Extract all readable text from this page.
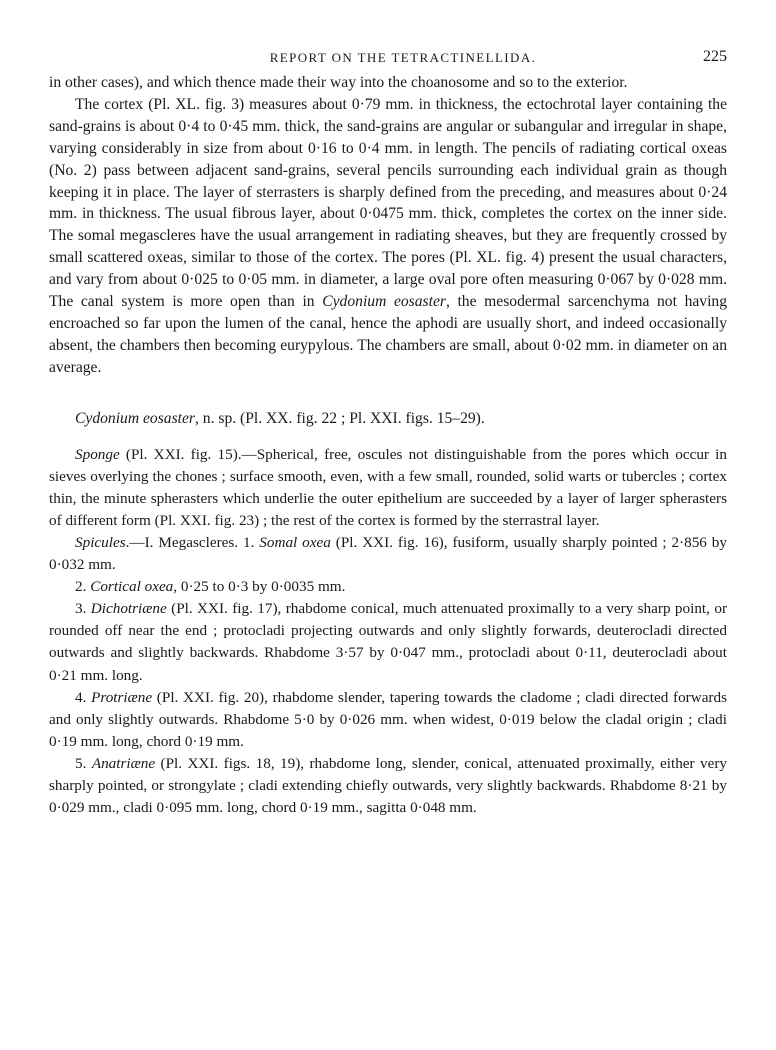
REPORT ON THE TETRACTINELLIDA.	225

in other cases), and which thence made their way into the choanosome and so to the exterior.

The cortex (Pl. XL. fig. 3) measures about 0·79 mm. in thickness, the ectochrotal layer containing the sand-grains is about 0·4 to 0·45 mm. thick, the sand-grains are angular or subangular and irregular in shape, varying considerably in size from about 0·16 to 0·4 mm. in length. The pencils of radiating cortical oxeas (No. 2) pass between adjacent sand-grains, several pencils surrounding each individual grain as though keeping it in place. The layer of sterrasters is sharply defined from the preceding, and measures about 0·24 mm. in thickness. The usual fibrous layer, about 0·0475 mm. thick, completes the cortex on the inner side. The somal megascleres have the usual arrangement in radiating sheaves, but they are frequently crossed by small scattered oxeas, similar to those of the cortex. The pores (Pl. XL. fig. 4) present the usual characters, and vary from about 0·025 to 0·05 mm. in diameter, a large oval pore often measuring 0·067 by 0·028 mm. The canal system is more open than in Cydonium eosaster, the mesodermal sarcenchyma not having encroached so far upon the lumen of the canal, hence the aphodi are usually short, and indeed occasionally absent, the chambers then becoming eurypylous. The chambers are small, about 0·02 mm. in diameter on an average.

Cydonium eosaster, n. sp. (Pl. XX. fig. 22 ; Pl. XXI. figs. 15–29).

Sponge (Pl. XXI. fig. 15).—Spherical, free, oscules not distinguishable from the pores which occur in sieves overlying the chones ; surface smooth, even, with a few small, rounded, solid warts or tubercles ; cortex thin, the minute spherasters which underlie the outer epithelium are succeeded by a layer of larger spherasters of different form (Pl. XXI. fig. 23) ; the rest of the cortex is formed by the sterrastral layer.

Spicules.—I. Megascleres. 1. Somal oxea (Pl. XXI. fig. 16), fusiform, usually sharply pointed ; 2·856 by 0·032 mm.

2. Cortical oxea, 0·25 to 0·3 by 0·0035 mm.

3. Dichotriæne (Pl. XXI. fig. 17), rhabdome conical, much attenuated proximally to a very sharp point, or rounded off near the end ; protocladi projecting outwards and only slightly forwards, deuterocladi directed outwards and slightly backwards. Rhabdome 3·57 by 0·047 mm., protocladi about 0·11, deuterocladi about 0·21 mm. long.

4. Protriæne (Pl. XXI. fig. 20), rhabdome slender, tapering towards the cladome ; cladi directed forwards and only slightly outwards. Rhabdome 5·0 by 0·026 mm. when widest, 0·019 below the cladal origin ; cladi 0·19 mm. long, chord 0·19 mm.

5. Anatriæne (Pl. XXI. figs. 18, 19), rhabdome long, slender, conical, attenuated proximally, either very sharply pointed, or strongylate ; cladi extending chiefly outwards, very slightly backwards. Rhabdome 8·21 by 0·029 mm., cladi 0·095 mm. long, chord 0·19 mm., sagitta 0·048 mm.
